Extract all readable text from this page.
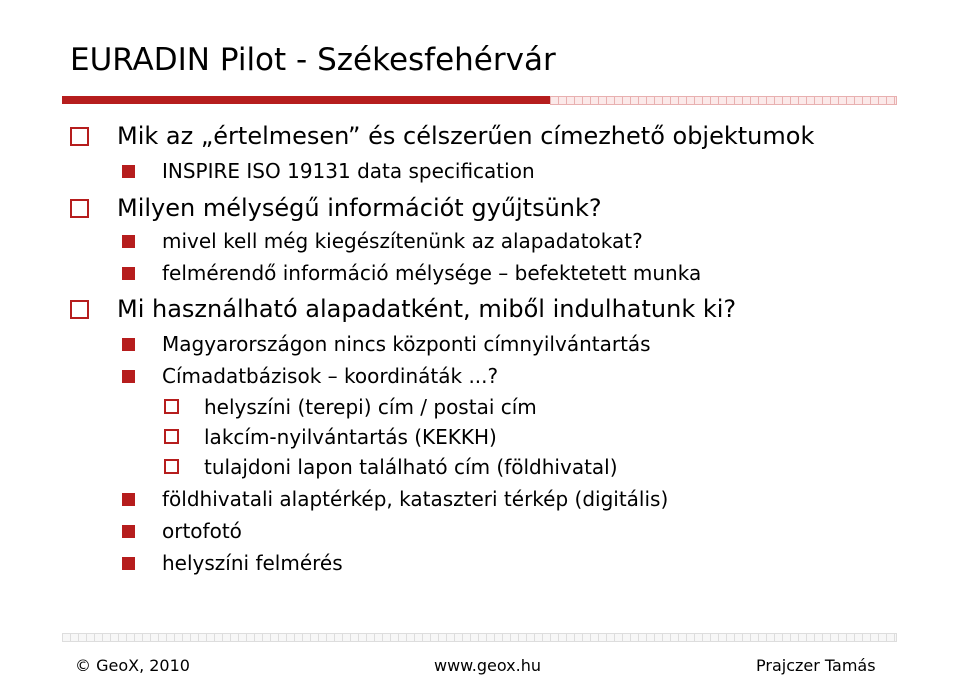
EURADIN Pilot - Székesfehérvár
Mik az „értelmesen” és célszerűen címezhető objektumok
INSPIRE ISO 19131 data specification
Milyen mélységű információt gyűjtsünk?
mivel kell még kiegészítenünk az alapadatokat?
felmérendő információ mélysége – befektetett munka
Mi használható alapadatként, miből indulhatunk ki?
Magyarországon nincs központi címnyilvántartás
Címadatbázisok – koordináták ...?
helyszíni (terepi) cím / postai cím
lakcím-nyilvántartás (KEKKH)
tulajdoni lapon található cím (földhivatal)
földhivatali alaptérkép, kataszteri térkép (digitális)
ortofotó
helyszíni felmérés
© GeoX, 2010	www.geox.hu	Prajczer Tamás
